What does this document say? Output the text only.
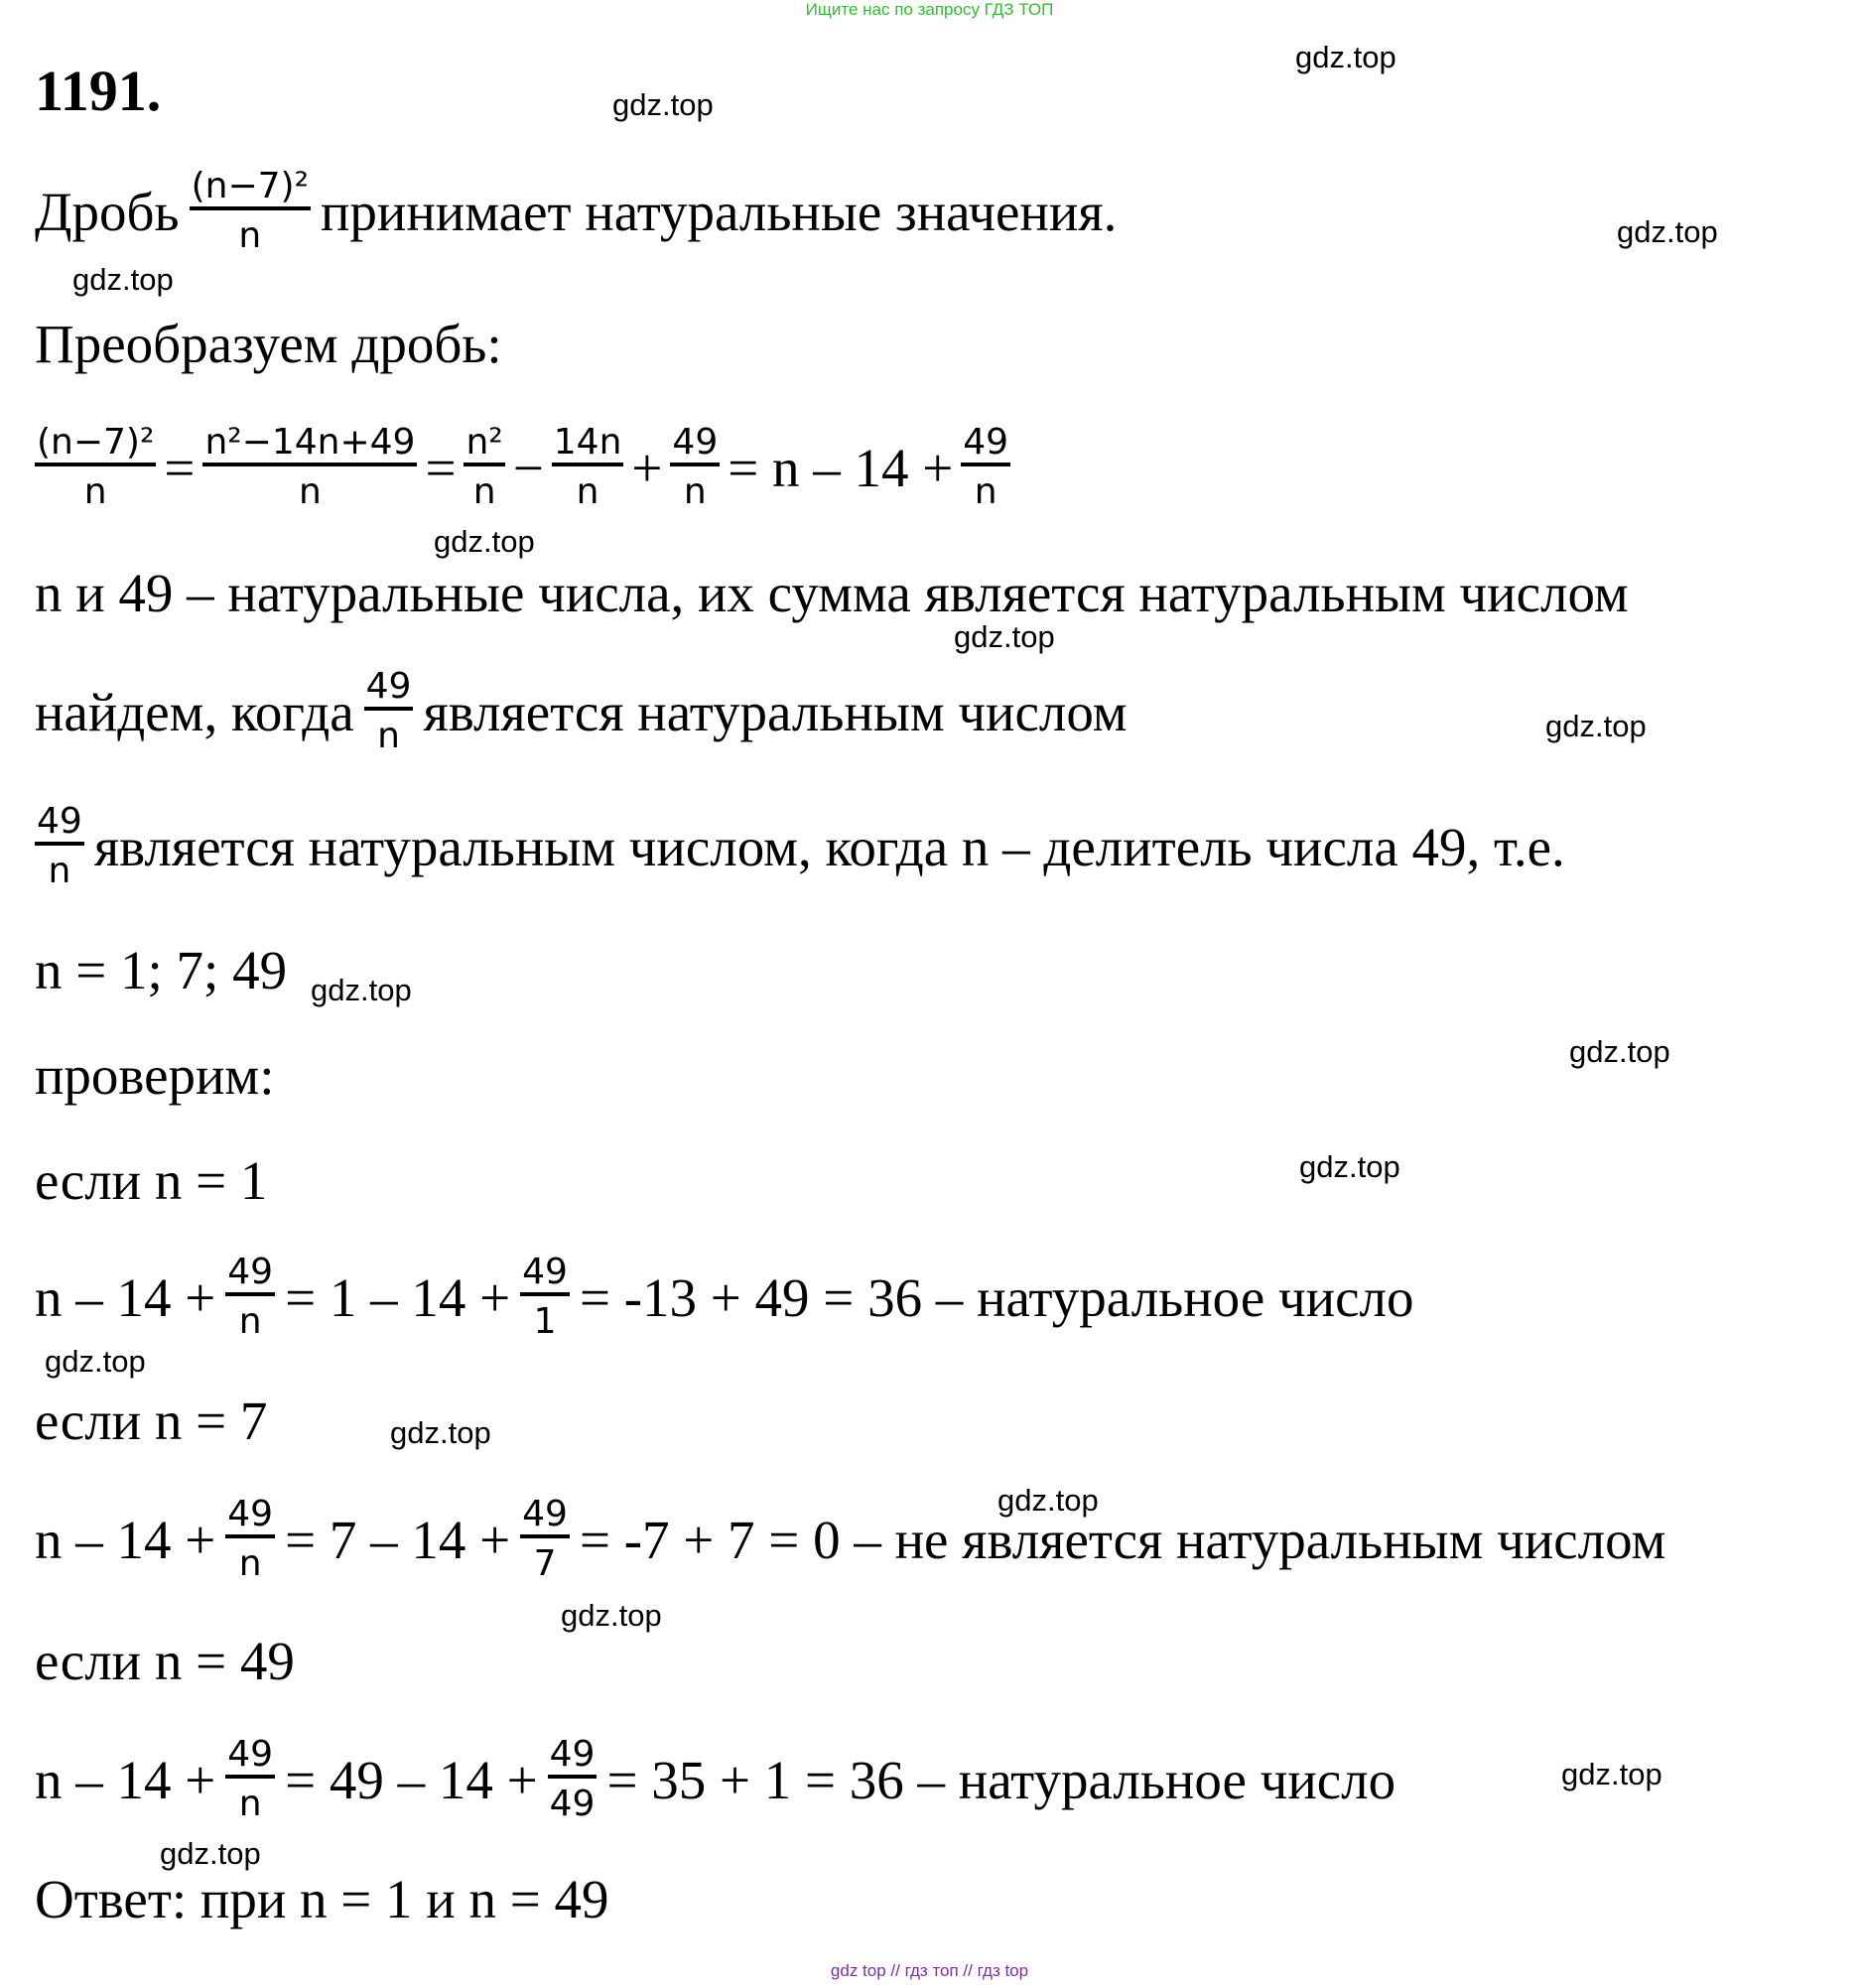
Ищите нас по запросу ГДЗ ТОП
1191.
gdz.top
gdz.top
gdz.top
gdz.top
gdz.top
gdz.top
gdz.top
gdz.top
gdz.top
gdz.top
gdz.top
gdz.top
gdz.top
gdz.top
gdz.top
gdz.top
Дробь $\frac{\text{(n−7)²}}{n}$ принимает натуральные значения.
Преобразуем дробь:
$\frac{\text{(n−7)²}}{n} = \frac{\text{n²−14n+49}}{n} = \frac{\text{n²}}{n} - \frac{14n}{n} + \frac{49}{n} = n - 14 + \frac{49}{n}$
n и 49 – натуральные числа, их сумма является натуральным числом
найдем, когда $\frac{49}{n}$ является натуральным числом
$\frac{49}{n}$ является натуральным числом, когда n – делитель числа 49, т.е.
n = 1; 7; 49
проверим:
если n = 1
$n - 14 + \frac{49}{n} = 1 - 14 + \frac{49}{1} = -13 + 49 = 36$ – натуральное число
если n = 7
$n - 14 + \frac{49}{n} = 7 - 14 + \frac{49}{7} = -7 + 7 = 0$ – не является натуральным числом
если n = 49
$n - 14 + \frac{49}{n} = 49 - 14 + \frac{49}{49} = 35 + 1 = 36$ – натуральное число
Ответ: при n = 1 и n = 49
gdz top // гдз топ // гдз top
